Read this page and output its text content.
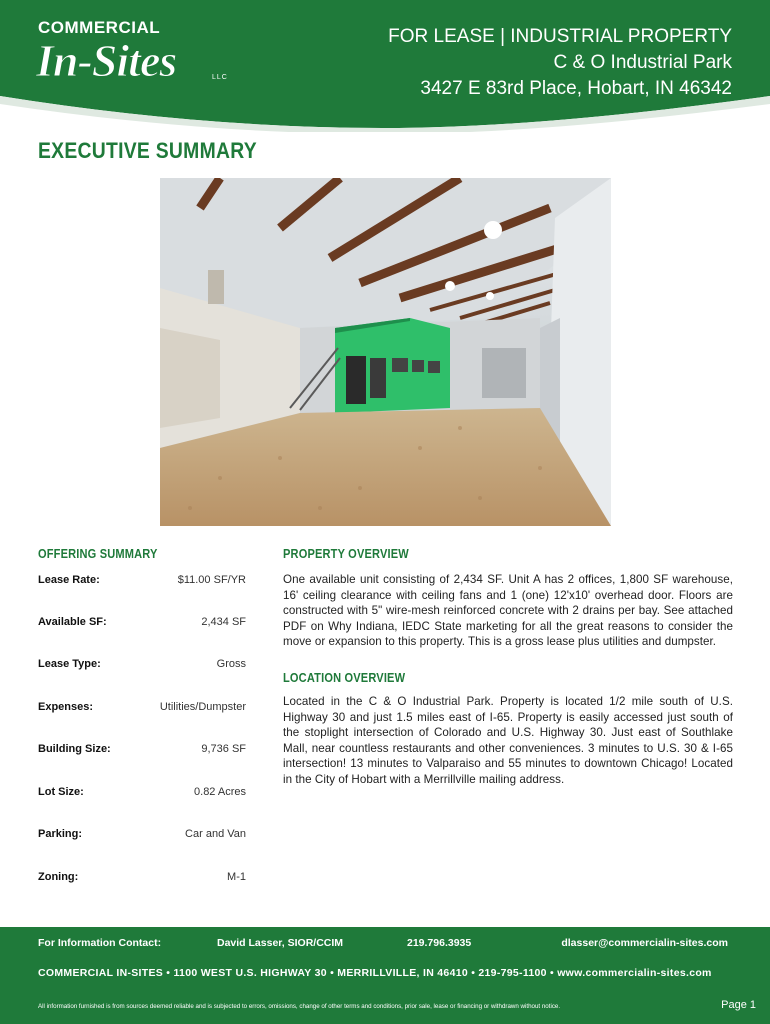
COMMERCIAL
In-Sites	LLC
FOR LEASE | INDUSTRIAL PROPERTY
C & O Industrial Park
3427 E 83rd Place, Hobart, IN 46342
EXECUTIVE SUMMARY
OFFERING SUMMARY
Lease Rate:	$11.00 SF/YR
Available SF:	2,434 SF
Lease Type:	Gross
Expenses:	Utilities/Dumpster
Building Size:	9,736 SF
Lot Size:	0.82 Acres
Parking:	Car and Van
Zoning:	M-1
PROPERTY OVERVIEW

One available unit consisting of 2,434 SF. Unit A has 2 offices, 1,800 SF warehouse, 16' ceiling clearance with ceiling fans and 1 (one) 12'x10' overhead door. Floors are constructed with 5" wire-mesh reinforced concrete with 2 drains per bay. See attached PDF on Why Indiana, IEDC State marketing for all the great reasons to consider the move or expansion to this property. This is a gross lease plus utilities and dumpster.

LOCATION OVERVIEW

Located in the C & O Industrial Park. Property is located 1/2 mile south of U.S. Highway 30 and just 1.5 miles east of I-65. Property is easily accessed just south of the stoplight intersection of Colorado and U.S. Highway 30. Just east of Southlake Mall, near countless restaurants and other conveniences. 3 minutes to U.S. 30 & I-65 intersection! 13 minutes to Valparaiso and 55 minutes to downtown Chicago! Located in the City of Hobart with a Merrillville mailing address.

For Information Contact:	David Lasser, SIOR/CCIM	219.796.3935	dlasser@commercialin-sites.com
COMMERCIAL IN-SITES • 1100 WEST U.S. HIGHWAY 30 • MERRILLVILLE, IN 46410 • 219-795-1100 • www.commercialin-sites.com
All information furnished is from sources deemed reliable and is subjected to errors, omissions, change of other terms and conditions, prior sale, lease or financing or withdrawn without notice.	Page 1
